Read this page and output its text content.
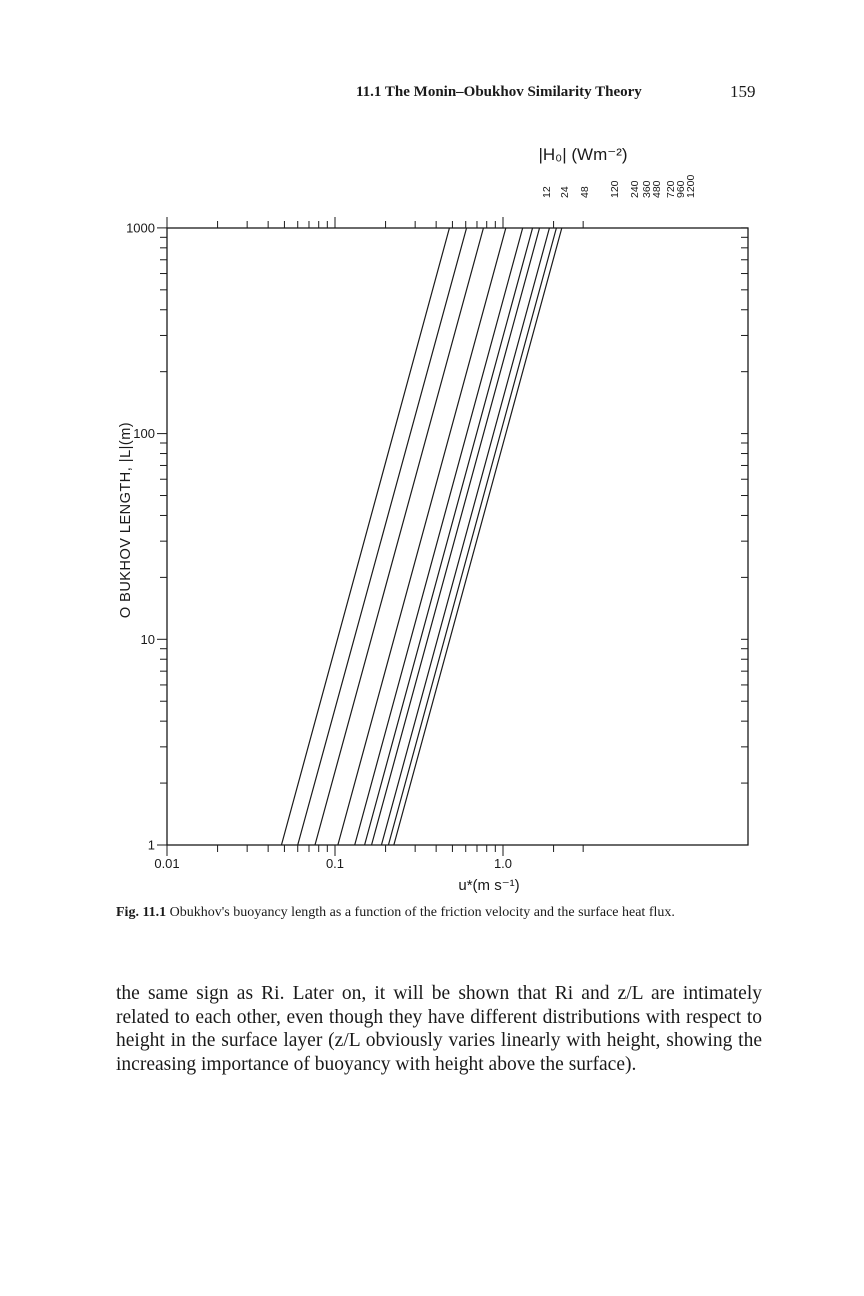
11.1 The Monin–Obukhov Similarity Theory	159
0.01	0.1	1.0
1
10
100
1000
u*(m s⁻¹)
O BUKHOV LENGTH, |L|(m)
|H₀| (Wm⁻²)
12 24 48 120 240 360
480 720
960
1200
Fig. 11.1 Obukhov's buoyancy length as a function of the friction velocity and the surface heat flux.

the same sign as Ri. Later on, it will be shown that Ri and z/L are intimately related to each other, even though they have different distributions with respect to height in the surface layer (z/L obviously varies linearly with height, showing the increasing importance of buoyancy with height above the surface).
